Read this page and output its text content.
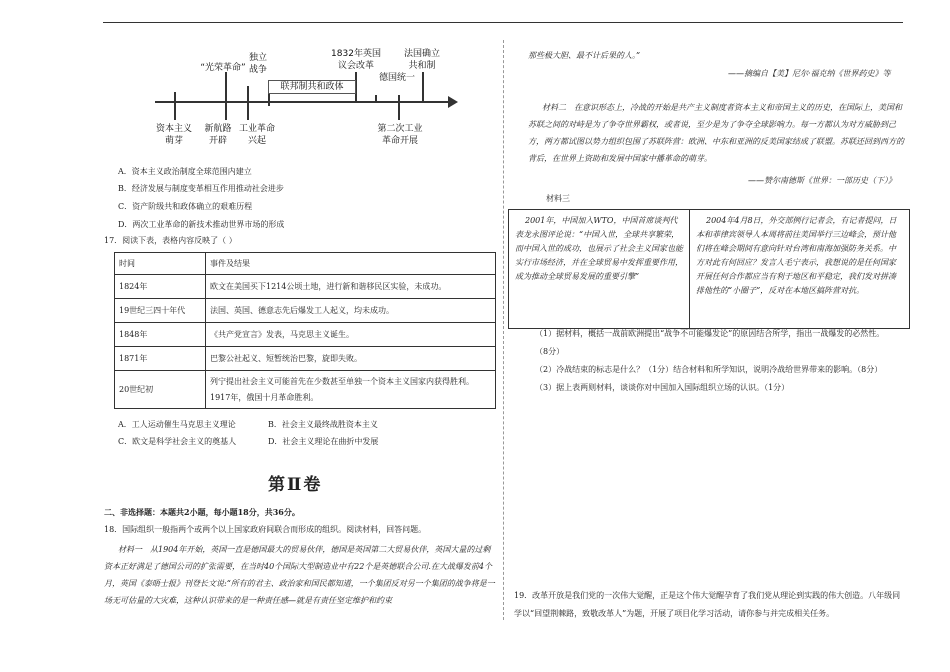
“光荣革命”
独立
战争
1832年英国
议会改革
法国确立
共和制
联邦制共和政体
德国统一
资本主义
萌芽
新航路
开辟
工业革命
兴起
第二次工业
革命开展
A．资本主义政治制度全球范围内建立
B．经济发展与制度变革相互作用推动社会进步
C．资产阶级共和政体确立的艰难历程
D．两次工业革命的新技术推动世界市场的形成
17．阅读下表，表格内容反映了（ ）
时间	事件及结果
1824年	欧文在美国买下1214公顷土地，进行新和谐移民区实验，未成功。
19世纪三四十年代	法国、英国、德意志先后爆发工人起义，均未成功。
1848年	《共产党宣言》发表，马克思主义诞生。
1871年	巴黎公社起义、短暂统治巴黎，旋即失败。
20世纪初	列宁提出社会主义可能首先在少数甚至单独一个资本主义国家内获得胜利。1917年，俄国十月革命胜利。
A．工人运动催生马克思主义理论	B．社会主义最终战胜资本主义
C．欧文是科学社会主义的奠基人	D．社会主义理论在曲折中发展
第Ⅱ卷
二、非选择题：本题共2小题，每小题18分，共36分。
18．国际组织一般指两个或两个以上国家政府间联合而形成的组织。阅读材料，回答问题。
材料一　从1904年开始，英国一直是德国最大的贸易伙伴，德国是英国第二大贸易伙伴，英国大量的过剩资本正好满足了德国公司的扩张需要，在当时40个国际大型制造业中有22个是英德联合公司.在大战爆发前4个月，英国《泰晤士报》刊登长文说:“所有的君主、政治家和国民都知道，一个集团反对另一个集团的战争将是一场无可估量的大灾难，这种认识带来的是一种责任感—就是有责任坚定维护和约束
那些极大胆、最不计后果的人。”
——摘编自【美】尼尔·福克纳《世界药史》等
材料二　在意识形态上，冷战的开始是共产主义制度者资本主义和帝国主义的历史，在国际上，美国和苏联之间的对峙是为了争夺世界霸权，或者说，至少是为了争夺全球影响力。每一方都认为对方威胁到己方，两方都试图以势力组织包围了苏联阵营：欧洲、中东和亚洲的反美国家结成了联盟。苏联还回到西方的背后，在世界上资助和发展中国家中播革命的萌芽。
——赞尔南德斯《世界：一部历史（下）》
材料三
2001年，中国加入WTO，中国首席谈判代表龙永图评论说：“中国入世，全球共享繁荣，而中国入世的成功，也展示了社会主义国家也能实行市场经济，并在全球贸易中发挥重要作用，成为推动全球贸易发展的重要引擎”	2004年4月8日，外交部例行记者会，有记者提问，日本和菲律宾领导人本周将前往美国举行三边峰会，预计他们将在峰会期间有意向针对台湾和南海加强防务关系。中方对此有何回应？发言人毛宁表示，我想说的是任何国家开展任何合作都应当有利于地区和平稳定，我们发对拼凑排他性的“小圈子”，反对在本地区搞阵营对抗。
（1）据材料，概括一战前欧洲提出“战争不可能爆发论”的原因结合所学，指出一战爆发的必然性。
（8分）
（2）冷战结束的标志是什么？（1分）结合材料和所学知识，说明冷战给世界带来的影响。（8分）
（3）据上表两则材料，谈谈你对中国加入国际组织立场的认识。（1分）
19．改革开放是我们党的一次伟大觉醒，正是这个伟大觉醒孕育了我们党从理论到实践的伟大创造。八年级同学以“回望荆棘路，致敬改革人”为题，开展了项目化学习活动，请你参与并完成相关任务。
